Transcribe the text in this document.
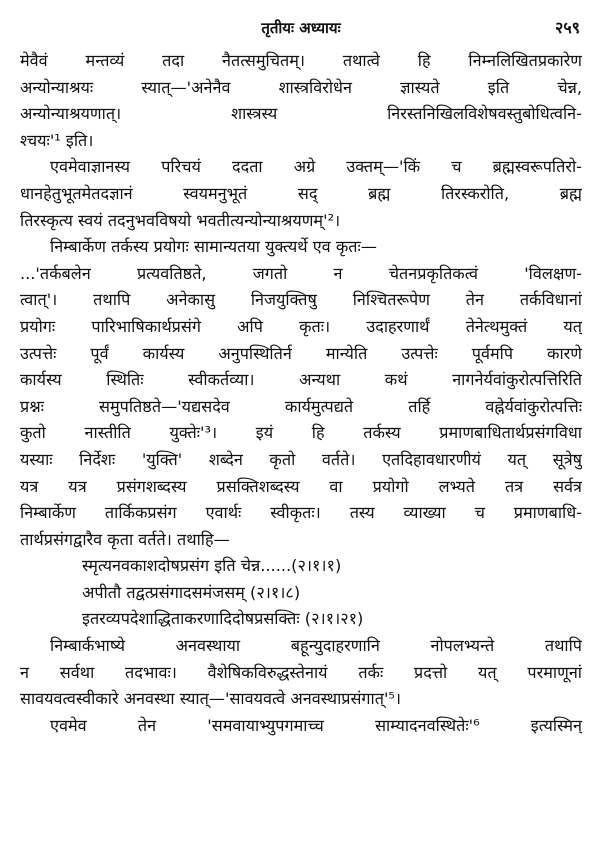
तृतीयः अध्यायः	२५९
मेवैवं मन्तव्यं तदा नैतत्समुचितम्। तथात्वे हि निम्नलिखितप्रकारेण
अन्योन्याश्रयः स्यात्—'अनेनैव शास्त्रविरोधेन ज्ञास्यते इति चेन्न,
अन्योन्याश्रयणात्। शास्त्रस्य निरस्तनिखिलविशेषवस्तुबोधित्वनि-
श्चयः'¹ इति।
एवमेवाज्ञानस्य परिचयं ददता अग्रे उक्तम्—'किं च ब्रह्मस्वरूपतिरो-
धानहेतुभूतमेतदज्ञानं स्वयमनुभूतं सद् ब्रह्म तिरस्करोति, ब्रह्म
तिरस्कृत्य स्वयं तदनुभवविषयो भवतीत्यन्योन्याश्रयणम्'²।
निम्बार्केण तर्कस्य प्रयोगः सामान्यतया युक्त्यर्थे एव कृतः—
...'तर्कबलेन प्रत्यवतिष्ठते, जगतो न चेतनप्रकृतिकत्वं 'विलक्षण-
त्वात्'। तथापि अनेकासु निजयुक्तिषु निश्चितरूपेण तेन तर्कविधानां
प्रयोगः पारिभाषिकार्थप्रसंगे अपि कृतः। उदाहरणार्थं तेनेत्थमुक्तं यत्
उत्पत्तेः पूर्वं कार्यस्य अनुपस्थितिर्न मान्येति उत्पत्तेः पूर्वमपि कारणे
कार्यस्य स्थितिः स्वीकर्तव्या। अन्यथा कथं नागनेर्यवांकुरोत्पत्तिरिति
प्रश्नः समुपतिष्ठते—'यद्यसदेव कार्यमुत्पद्यते तर्हि वह्नेर्यवांकुरोत्पत्तिः
कुतो नास्तीति युक्तेः'³। इयं हि तर्कस्य प्रमाणबाधितार्थप्रसंगविधा
यस्याः निर्देशः 'युक्ति' शब्देन कृतो वर्तते। एतदिहावधारणीयं यत् सूत्रेषु
यत्र यत्र प्रसंगशब्दस्य प्रसक्तिशब्दस्य वा प्रयोगो लभ्यते तत्र सर्वत्र
निम्बार्केण तार्किकप्रसंग एवार्थः स्वीकृतः। तस्य व्याख्या च प्रमाणबाधि-
तार्थप्रसंगद्वारैव कृता वर्तते। तथाहि—
स्मृत्यनवकाशदोषप्रसंग इति चेन्न......(२।१।१)
अपीतौ तद्वत्प्रसंगादसमंजसम्‌ (२।१।८)
इतरव्यपदेशाद्धिताकरणादिदोषप्रसक्तिः (२।१।२१)
निम्बार्कभाष्ये अनवस्थाया बहून्युदाहरणानि नोपलभ्यन्ते तथापि
न सर्वथा तदभावः। वैशेषिकविरुद्धस्तेनायं तर्कः प्रदत्तो यत् परमाणूनां
सावयवत्वस्वीकारे अनवस्था स्यात्—'सावयवत्वे अनवस्थाप्रसंगात्'⁵।
एवमेव तेन 'समवायाभ्युपगमाच्च साम्यादनवस्थितेः'⁶ इत्यस्मिन्
